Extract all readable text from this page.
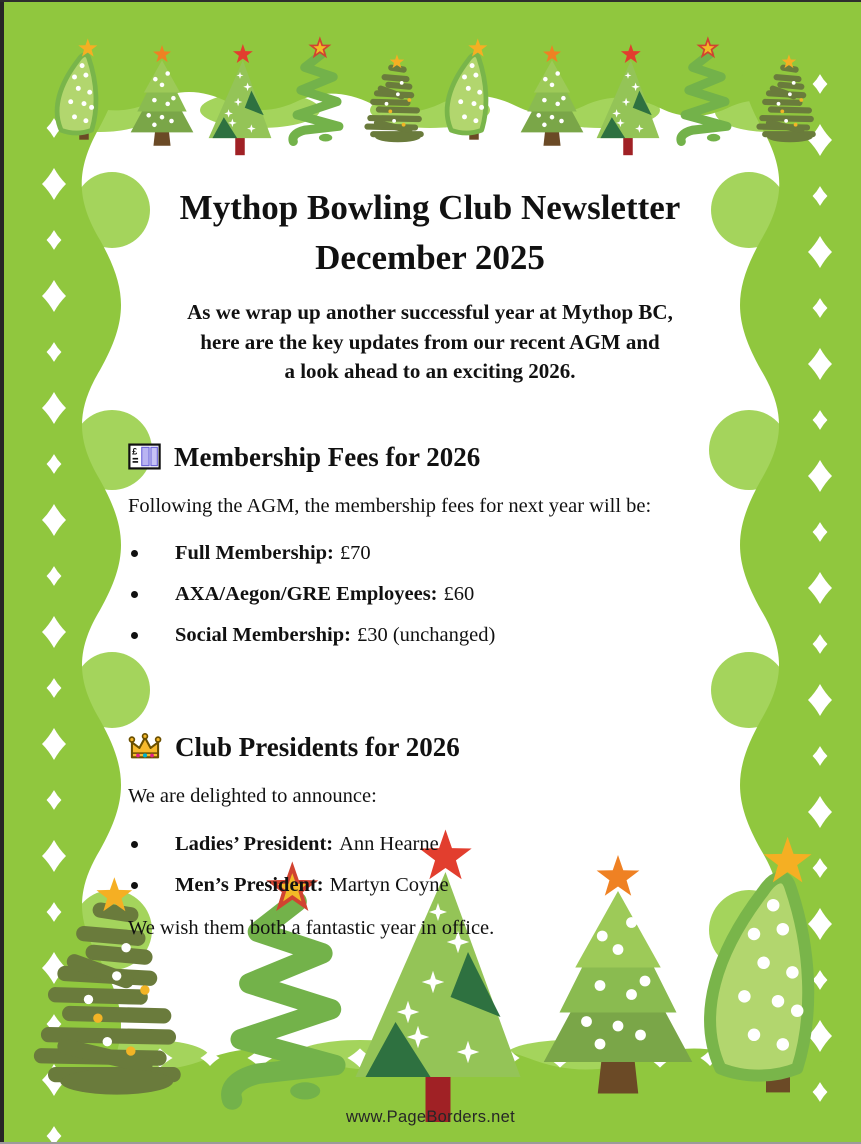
Mythop Bowling Club Newsletter
December 2025
As we wrap up another successful year at Mythop BC,
here are the key updates from our recent AGM and
a look ahead to an exciting 2026.
£ Membership Fees for 2026

Following the AGM, the membership fees for next year will be:

Full Membership: £70
AXA/Aegon/GRE Employees: £60
Social Membership: £30 (unchanged)
Club Presidents for 2026

We are delighted to announce:

Ladies’ President: Ann Hearne
Men’s President: Martyn Coyne

We wish them both a fantastic year in office.

www.PageBorders.net
